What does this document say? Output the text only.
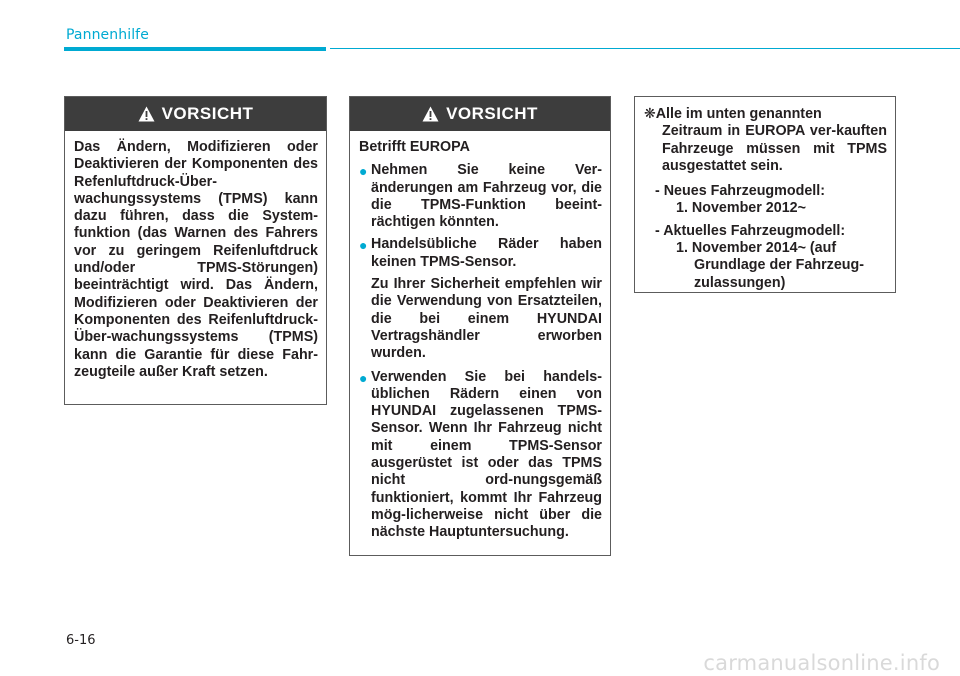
Pannenhilfe
VORSICHT
Das Ändern, Modifizieren oder Deaktivieren der Komponenten des Refenluftdruck-Über-wachungssystems (TPMS) kann dazu führen, dass die System-funktion (das Warnen des Fahrers vor zu geringem Reifenluftdruck und/oder TPMS-Störungen) beeinträchtigt wird. Das Ändern, Modifizieren oder Deaktivieren der Komponenten des Reifenluftdruck-Über-wachungssystems (TPMS) kann die Garantie für diese Fahr-zeugteile außer Kraft setzen.
VORSICHT

Betrifft EUROPA

● Nehmen Sie keine Ver-änderungen am Fahrzeug vor, die die TPMS-Funktion beeint-rächtigen könnten.
● Handelsübliche Räder haben keinen TPMS-Sensor.

Zu Ihrer Sicherheit empfehlen wir die Verwendung von Ersatzteilen, die bei einem HYUNDAI Vertragshändler erworben wurden.

● Verwenden Sie bei handels-üblichen Rädern einen von HYUNDAI zugelassenen TPMS-Sensor. Wenn Ihr Fahrzeug nicht mit einem TPMS-Sensor ausgerüstet ist oder das TPMS nicht ord-nungsgemäß funktioniert, kommt Ihr Fahrzeug mög-licherweise nicht über die nächste Hauptuntersuchung.

❋Alle im unten genannten

Zeitraum in EUROPA ver-kauften Fahrzeuge müssen mit TPMS ausgestattet sein.

- Neues Fahrzeugmodell:

1. November 2012~

- Aktuelles Fahrzeugmodell:

1. November 2014~ (auf

Grundlage der Fahrzeug-zulassungen)

6-16
carmanualsonline.info
